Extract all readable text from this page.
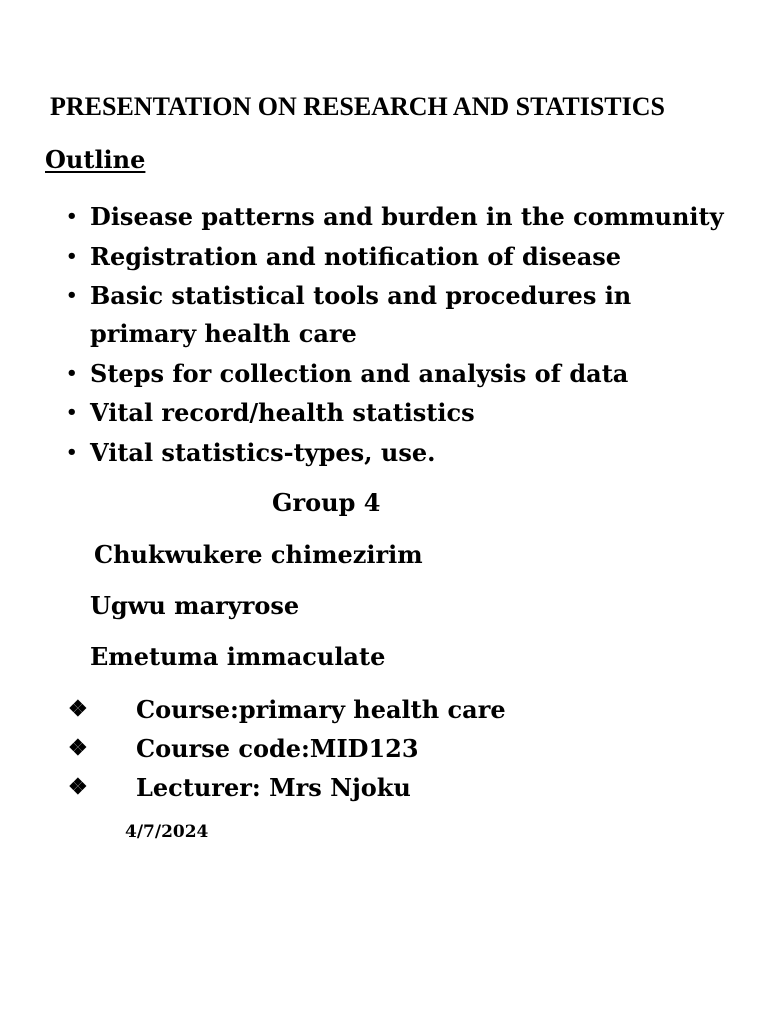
PRESENTATION ON RESEARCH AND STATISTICS
Outline
• Disease patterns and burden in the community
• Registration and notification of disease
• Basic statistical tools and procedures in primary health care
• Steps for collection and analysis of data
• Vital record/health statistics
• Vital statistics-types, use.
Group 4
Chukwukere chimezirim
Ugwu maryrose
Emetuma immaculate
❖ Course:primary health care
❖ Course code:MID123
❖ Lecturer: Mrs Njoku
4/7/2024
